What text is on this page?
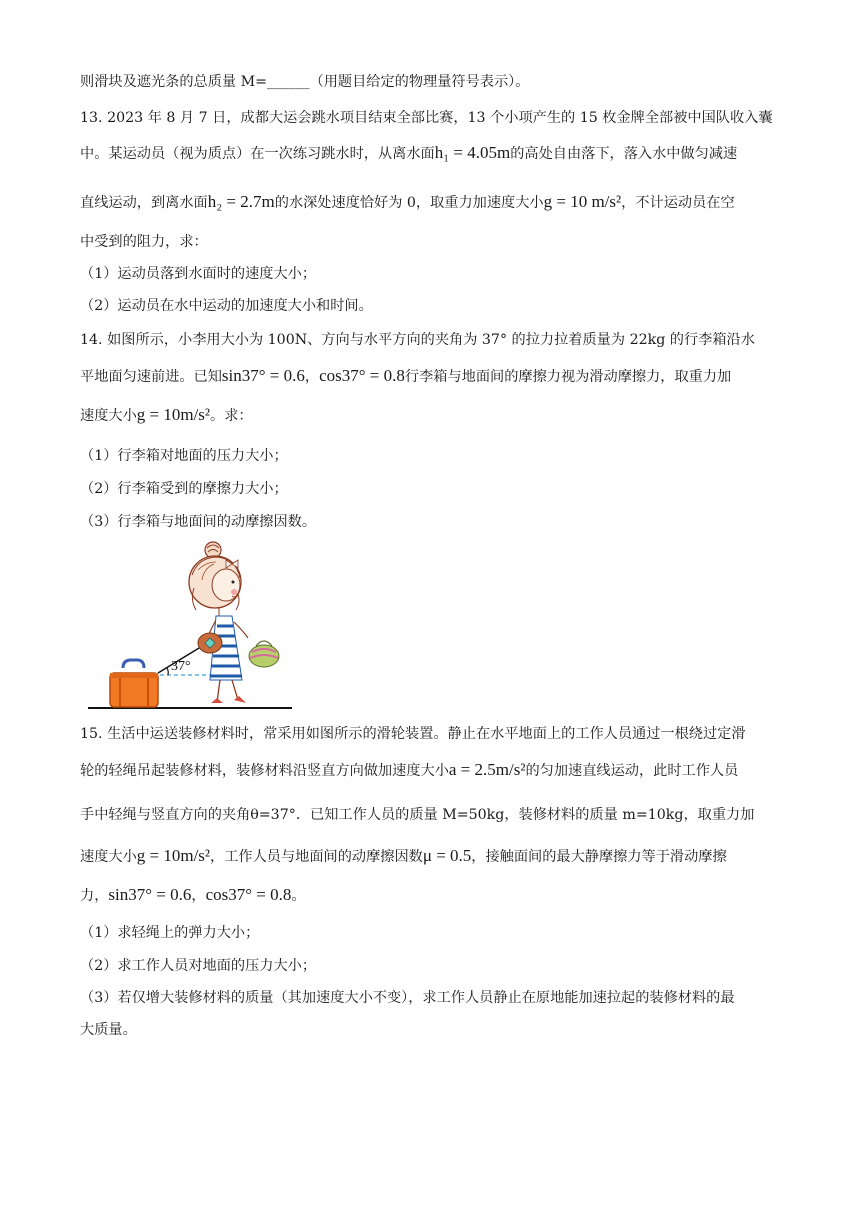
则滑块及遮光条的总质量 M=______（用题目给定的物理量符号表示）。
13. 2023 年 8 月 7 日，成都大运会跳水项目结束全部比赛，13 个小项产生的 15 枚金牌全部被中国队收入囊
中。某运动员（视为质点）在一次练习跳水时，从离水面h₁ = 4.05m的高处自由落下，落入水中做匀减速
直线运动，到离水面h₂ = 2.7m的水深处速度恰好为 0，取重力加速度大小g = 10 m/s²，不计运动员在空
中受到的阻力，求：
（1）运动员落到水面时的速度大小；
（2）运动员在水中运动的加速度大小和时间。
14. 如图所示，小李用大小为 100N、方向与水平方向的夹角为 37° 的拉力拉着质量为 22kg 的行李箱沿水
平地面匀速前进。已知sin37° = 0.6，cos37° = 0.8行李箱与地面间的摩擦力视为滑动摩擦力，取重力加
速度大小g = 10m/s²。求：
（1）行李箱对地面的压力大小；
（2）行李箱受到的摩擦力大小；
（3）行李箱与地面间的动摩擦因数。
37°
15. 生活中运送装修材料时，常采用如图所示的滑轮装置。静止在水平地面上的工作人员通过一根绕过定滑
轮的轻绳吊起装修材料，装修材料沿竖直方向做加速度大小a = 2.5m/s²的匀加速直线运动，此时工作人员
手中轻绳与竖直方向的夹角θ=37°．已知工作人员的质量 M=50kg，装修材料的质量 m=10kg，取重力加
速度大小g = 10m/s²，工作人员与地面间的动摩擦因数μ = 0.5，接触面间的最大静摩擦力等于滑动摩擦
力，sin37° = 0.6，cos37° = 0.8。
（1）求轻绳上的弹力大小；
（2）求工作人员对地面的压力大小；
（3）若仅增大装修材料的质量（其加速度大小不变），求工作人员静止在原地能加速拉起的装修材料的最
大质量。
